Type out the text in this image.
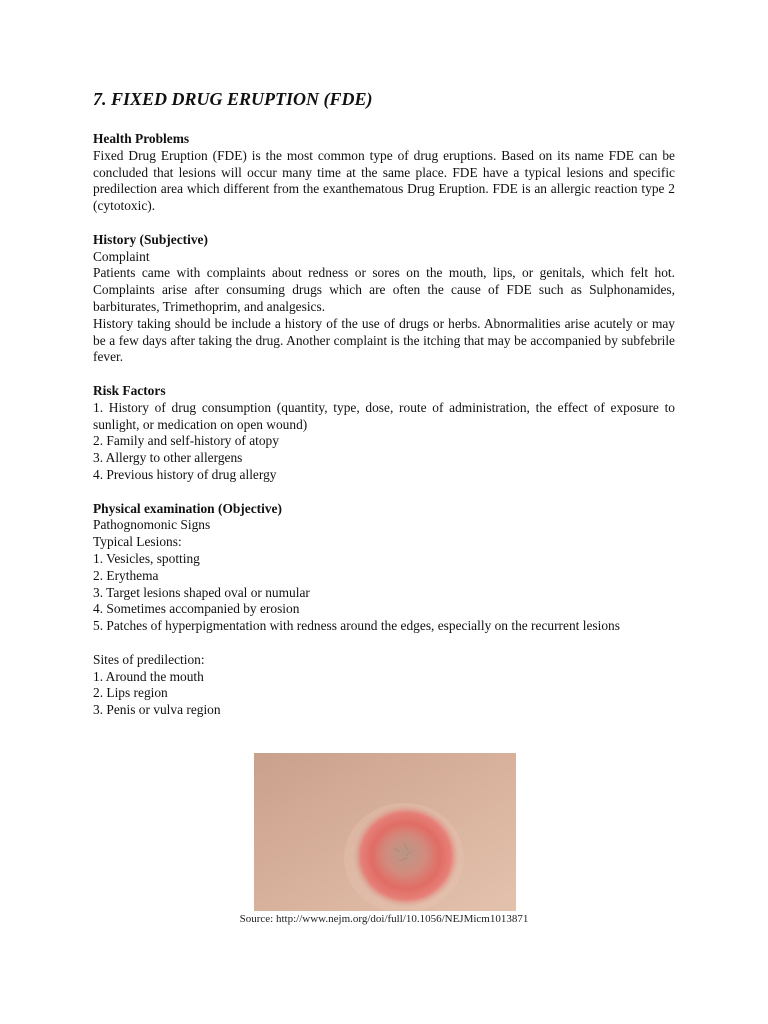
7. FIXED DRUG ERUPTION (FDE)

Health Problems

Fixed Drug Eruption (FDE) is the most common type of drug eruptions. Based on its name FDE can be concluded that lesions will occur many time at the same place. FDE have a typical lesions and specific predilection area which different from the exanthematous Drug Eruption. FDE is an allergic reaction type 2 (cytotoxic).

History (Subjective)

Complaint

Patients came with complaints about redness or sores on the mouth, lips, or genitals, which felt hot. Complaints arise after consuming drugs which are often the cause of FDE such as Sulphonamides, barbiturates, Trimethoprim, and analgesics.

History taking should be include a history of the use of drugs or herbs. Abnormalities arise acutely or may be a few days after taking the drug. Another complaint is the itching that may be accompanied by subfebrile fever.

Risk Factors

1. History of drug consumption (quantity, type, dose, route of administration, the effect of exposure to sunlight, or medication on open wound)

2. Family and self-history of atopy

3. Allergy to other allergens

4. Previous history of drug allergy

Physical examination (Objective)

Pathognomonic Signs

Typical Lesions:

1. Vesicles, spotting

2. Erythema

3. Target lesions shaped oval or numular

4. Sometimes accompanied by erosion

5. Patches of hyperpigmentation with redness around the edges, especially on the recurrent lesions

Sites of predilection:

1. Around the mouth

2. Lips region

3. Penis or vulva region

Source: http://www.nejm.org/doi/full/10.1056/NEJMicm1013871
